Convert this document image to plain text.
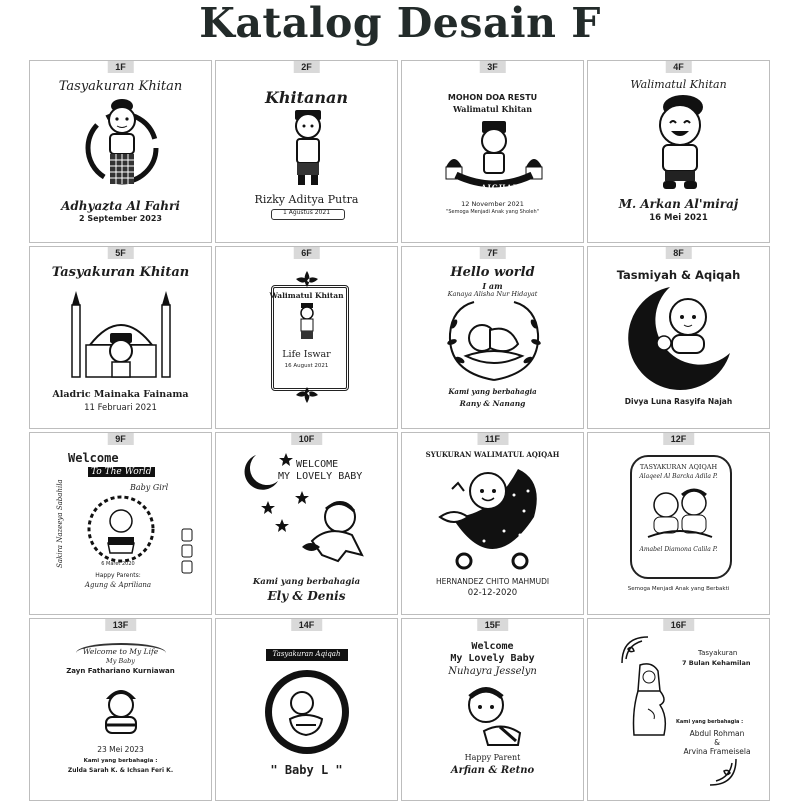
Katalog Desain F
1F
Tasyakuran Khitan
Adhyazta Al Fahri
2 September 2023
2F
Khitanan
Rizky Aditya Putra
1 Agustus 2021
3F
MOHON DOA RESTU
Walimatul Khitan
D. A. AIGHARRI
12 November 2021
"Semoga Menjadi Anak yang Sholeh"
4F
Walimatul Khitan
M. Arkan Al'miraj
16 Mei 2021
5F
Tasyakuran Khitan
Aladric Mainaka Fainama
11 Februari 2021
6F
Walimatul Khitan
Life Iswar
16 August 2021
7F
Hello world
I am
Kanaya Alisha Nur Hidayat
Kami yang berbahagia
Rany & Nanang
8F
Tasmiyah & Aqiqah
Divya Luna Rasyifa Najah
9F
Welcome
To The World
Baby Girl
Sakira Nazeeya Sabahila	6 Maret 2020
Happy Parents:
Agung & Apriliana
10F
WELCOME
MY LOVELY BABY
Kami yang berbahagia
Ely & Denis
11F
SYUKURAN WALIMATUL AQIQAH
HERNANDEZ CHITO MAHMUDI
02-12-2020
12F
TASYAKURAN AQIQAH
Alaqeel Al Barcka Adila P.
Amabel Diamona Calila P.
Semoga Menjadi Anak yang Berbakti
13F
Welcome to My Life
My Baby
Zayn Fathariano Kurniawan
23 Mei 2023
Kami yang berbahagia :
Zulda Sarah K. & Ichsan Feri K.
14F
Tasyakuran Aqiqah
" Baby L "
15F
Welcome
My Lovely Baby
Nuhayra Jesselyn
Happy Parent
Arfian & Retno
16F
Tasyakuran
7 Bulan Kehamilan
Kami yang berbahagia :
Abdul Rohman
&
Arvina Frameisela
